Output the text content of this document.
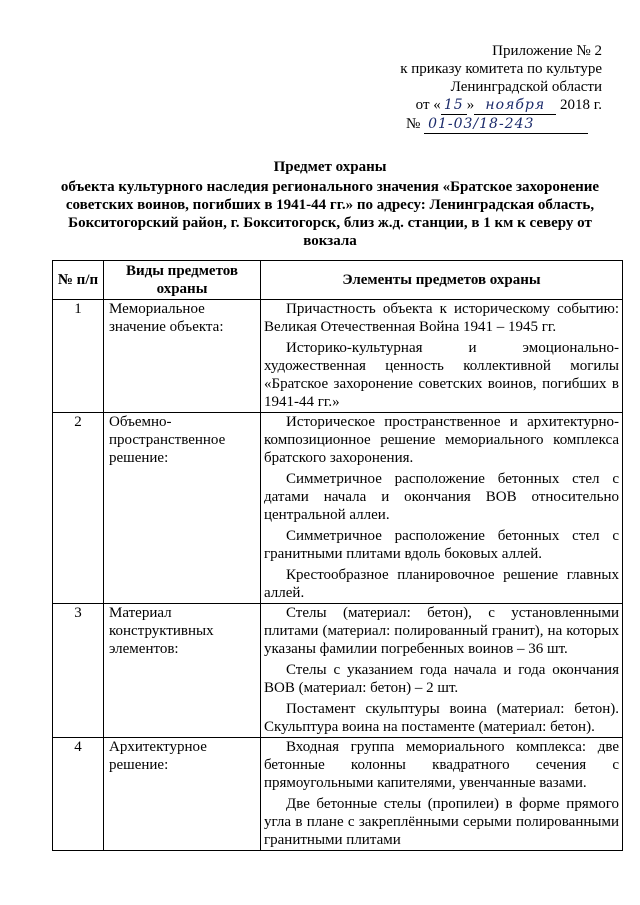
Приложение № 2
к приказу комитета по культуре
Ленинградской области
от « 15 » ноября 2018 г.
№ 01-03/18-243
Предмет охраны
объекта культурного наследия регионального значения «Братское захоронение советских воинов, погибших в 1941-44 гг.» по адресу: Ленинградская область, Бокситогорский район, г. Бокситогорск, близ ж.д. станции, в 1 км к северу от вокзала
№ п/п	Виды предметов охраны	Элементы предметов охраны
1	Мемориальное значение объекта:	Причастность объекта к историческому событию: Великая Отечественная Война 1941 – 1945 гг.

Историко-культурная и эмоционально-художественная ценность коллективной могилы «Братское захоронение советских воинов, погибших в 1941-44 гг.»

2	Объемно-пространственное решение:	Историческое пространственное и архитектурно-композиционное решение мемориального комплекса братского захоронения.

Симметричное расположение бетонных стел с датами начала и окончания ВОВ относительно центральной аллеи.

Симметричное расположение бетонных стел с гранитными плитами вдоль боковых аллей.

Крестообразное планировочное решение главных аллей.

3	Материал конструктивных элементов:	Стелы (материал: бетон), с установленными плитами (материал: полированный гранит), на которых указаны фамилии погребенных воинов – 36 шт.

Стелы с указанием года начала и года окончания ВОВ (материал: бетон) – 2 шт.

Постамент скульптуры воина (материал: бетон). Скульптура воина на постаменте (материал: бетон).

4	Архитектурное решение:	Входная группа мемориального комплекса: две бетонные колонны квадратного сечения с прямоугольными капителями, увенчанные вазами.

Две бетонные стелы (пропилеи) в форме прямого угла в плане с закреплёнными серыми полированными гранитными плитами
